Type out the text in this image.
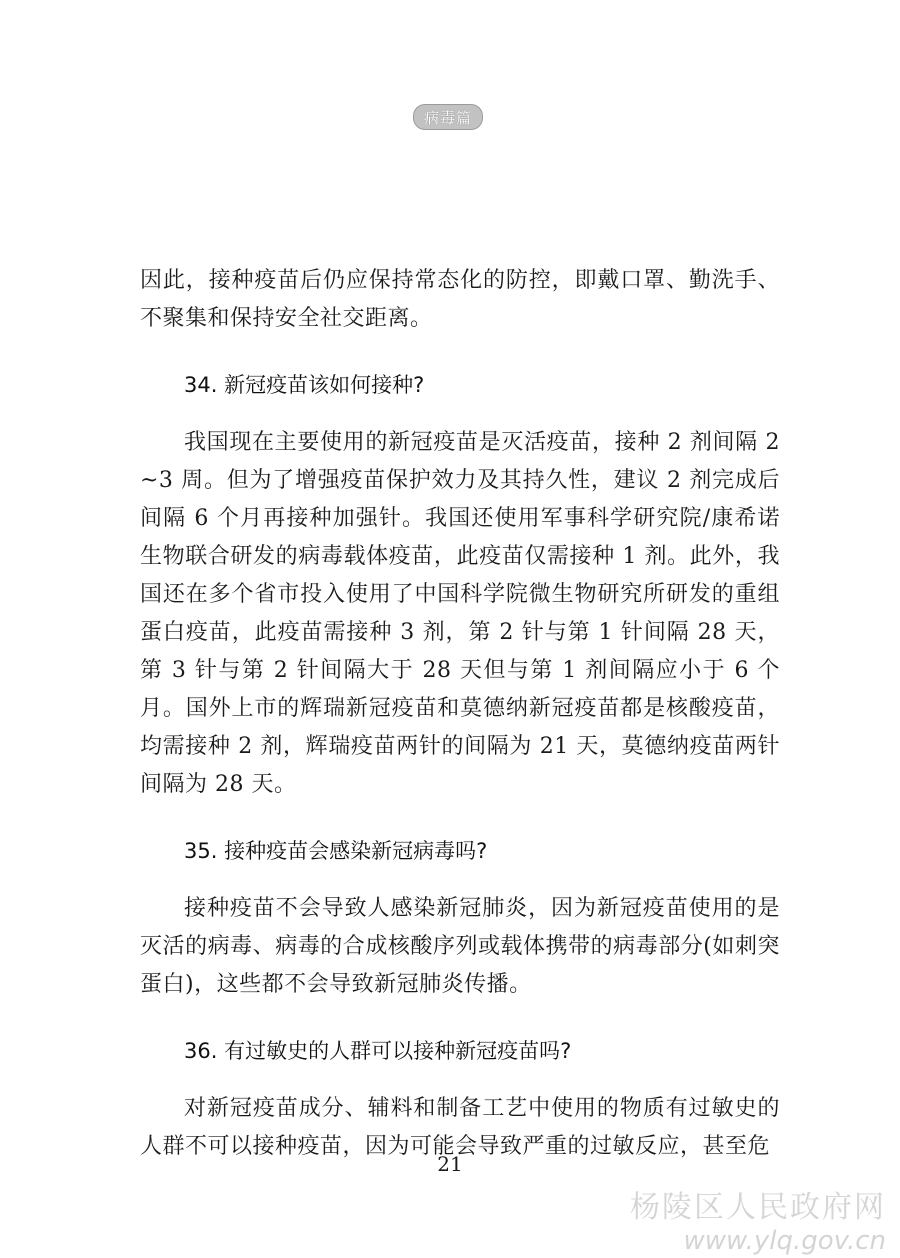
病毒篇

因此，接种疫苗后仍应保持常态化的防控，即戴口罩、勤洗手、不聚集和保持安全社交距离。

34. 新冠疫苗该如何接种?

我国现在主要使用的新冠疫苗是灭活疫苗，接种 2 剂间隔 2 ~3 周。但为了增强疫苗保护效力及其持久性，建议 2 剂完成后间隔 6 个月再接种加强针。我国还使用军事科学研究院/康希诺生物联合研发的病毒载体疫苗，此疫苗仅需接种 1 剂。此外，我国还在多个省市投入使用了中国科学院微生物研究所研发的重组蛋白疫苗，此疫苗需接种 3 剂，第 2 针与第 1 针间隔 28 天，第 3 针与第 2 针间隔大于 28 天但与第 1 剂间隔应小于 6 个月。国外上市的辉瑞新冠疫苗和莫德纳新冠疫苗都是核酸疫苗，均需接种 2 剂，辉瑞疫苗两针的间隔为 21 天，莫德纳疫苗两针间隔为 28 天。

35. 接种疫苗会感染新冠病毒吗?

接种疫苗不会导致人感染新冠肺炎，因为新冠疫苗使用的是灭活的病毒、病毒的合成核酸序列或载体携带的病毒部分(如刺突蛋白)，这些都不会导致新冠肺炎传播。

36. 有过敏史的人群可以接种新冠疫苗吗?

对新冠疫苗成分、辅料和制备工艺中使用的物质有过敏史的人群不可以接种疫苗，因为可能会导致严重的过敏反应，甚至危

21
杨陵区人民政府网
www.ylq.gov.cn
